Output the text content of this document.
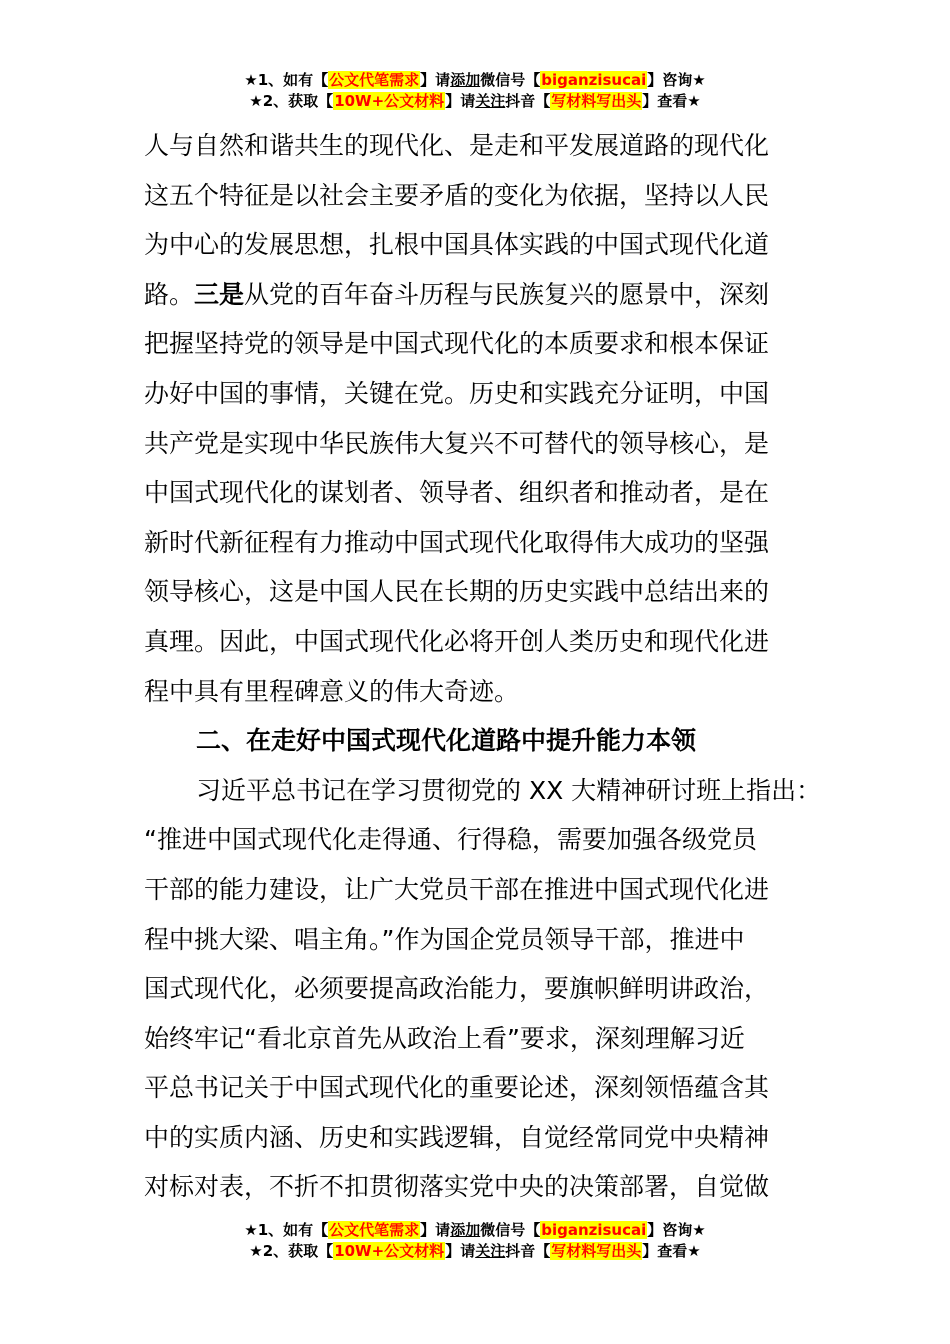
★1、如有【公文代笔需求】请添加微信号【biganzisucai】咨询★
★2、获取【10W+公文材料】请关注抖音【写材料写出头】查看★
人与自然和谐共生的现代化、是走和平发展道路的现代化
这五个特征是以社会主要矛盾的变化为依据，坚持以人民
为中心的发展思想，扎根中国具体实践的中国式现代化道
路。三是从党的百年奋斗历程与民族复兴的愿景中，深刻
把握坚持党的领导是中国式现代化的本质要求和根本保证
办好中国的事情，关键在党。历史和实践充分证明，中国
共产党是实现中华民族伟大复兴不可替代的领导核心，是
中国式现代化的谋划者、领导者、组织者和推动者，是在
新时代新征程有力推动中国式现代化取得伟大成功的坚强
领导核心，这是中国人民在长期的历史实践中总结出来的
真理。因此，中国式现代化必将开创人类历史和现代化进
程中具有里程碑意义的伟大奇迹。
二、在走好中国式现代化道路中提升能力本领
习近平总书记在学习贯彻党的 XX 大精神研讨班上指出：
“推进中国式现代化走得通、行得稳，需要加强各级党员
干部的能力建设，让广大党员干部在推进中国式现代化进
程中挑大梁、唱主角。”作为国企党员领导干部，推进中
国式现代化，必须要提高政治能力，要旗帜鲜明讲政治，
始终牢记“看北京首先从政治上看”要求，深刻理解习近
平总书记关于中国式现代化的重要论述，深刻领悟蕴含其
中的实质内涵、历史和实践逻辑，自觉经常同党中央精神
对标对表，不折不扣贯彻落实党中央的决策部署，自觉做
★1、如有【公文代笔需求】请添加微信号【biganzisucai】咨询★
★2、获取【10W+公文材料】请关注抖音【写材料写出头】查看★
